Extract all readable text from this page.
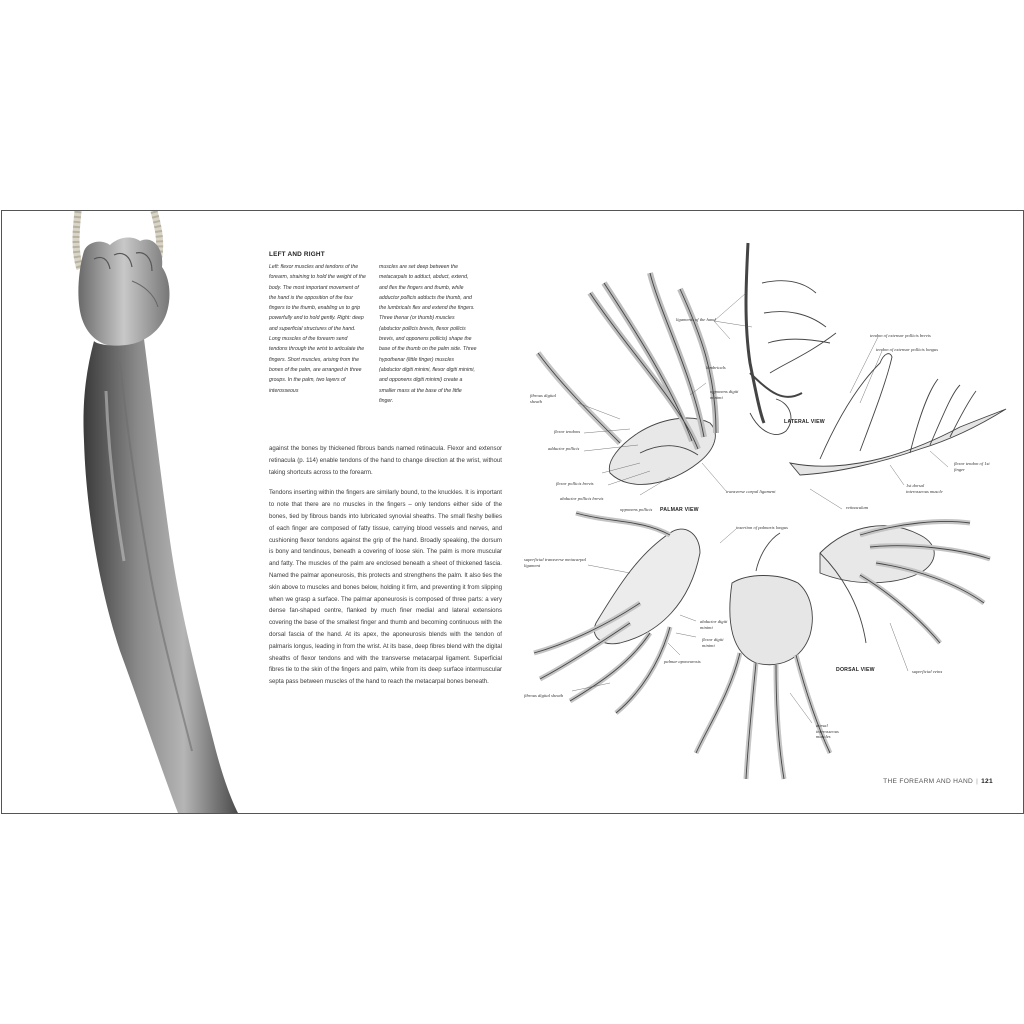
LEFT AND RIGHT
Left: flexor muscles and tendons of the forearm, straining to hold the weight of the body. The most important movement of the hand is the opposition of the four fingers to the thumb, enabling us to grip powerfully and to hold gently. Right: deep and superficial structures of the hand. Long muscles of the forearm send tendons through the wrist to articulate the fingers. Short muscles, arising from the bones of the palm, are arranged in three groups. In the palm, two layers of interosseous
muscles are set deep between the metacarpals to adduct, abduct, extend, and flex the fingers and thumb, while adductor pollicis adducts the thumb, and the lumbricals flex and extend the fingers. Three thenar (or thumb) muscles (abductor pollicis brevis, flexor pollicis brevis, and opponens pollicis) shape the base of the thumb on the palm side. Three hypothenar (little finger) muscles (abductor digiti minimi, flexor digiti minimi, and opponens digiti minimi) create a smaller mass at the base of the little finger.

against the bones by thickened fibrous bands named retinacula. Flexor and extensor retinacula (p. 114) enable tendons of the hand to change direction at the wrist, without taking shortcuts across to the forearm.

Tendons inserting within the fingers are similarly bound, to the knuckles. It is important to note that there are no muscles in the fingers – only tendons either side of the bones, tied by fibrous bands into lubricated synovial sheaths. The small fleshy bellies of each finger are composed of fatty tissue, carrying blood vessels and nerves, and cushioning flexor tendons against the grip of the hand. Broadly speaking, the dorsum is bony and tendinous, beneath a covering of loose skin. The palm is more muscular and fatty. The muscles of the palm are enclosed beneath a sheet of thickened fascia. Named the palmar aponeurosis, this protects and strengthens the palm. It also ties the skin above to muscles and bones below, holding it firm, and preventing it from slipping when we grasp a surface. The palmar aponeurosis is composed of three parts: a very dense fan-shaped centre, flanked by much finer medial and lateral extensions covering the base of the smallest finger and thumb and becoming continuous with the dorsal fascia of the hand. At its apex, the aponeurosis blends with the tendon of palmaris longus, leading in from the wrist. At its base, deep fibres blend with the digital sheaths of flexor tendons and with the transverse metacarpal ligament. Superficial fibres tie to the skin of the fingers and palm, while from its deep surface intermuscular septa pass between muscles of the hand to reach the metacarpal bones beneath.

PALMAR VIEW
LATERAL VIEW
DORSAL VIEW
ligaments of the hand
lumbricals
opponens digiti minimi
fibrous digital sheath
flexor tendons
adductor pollicis
flexor pollicis brevis
abductor pollicis brevis
opponens pollicis
transverse carpal ligament
tendon of extensor pollicis brevis
tendon of extensor pollicis longus
flexor tendon of 1st finger
1st dorsal interosseous muscle
retinaculum
insertion of palmaris longus
superficial transverse metacarpal ligament
abductor digiti minimi
flexor digiti minimi
palmar aponeurosis
fibrous digital sheath
superficial veins
dorsal interosseous muscles
THE FOREARM AND HAND | 121
